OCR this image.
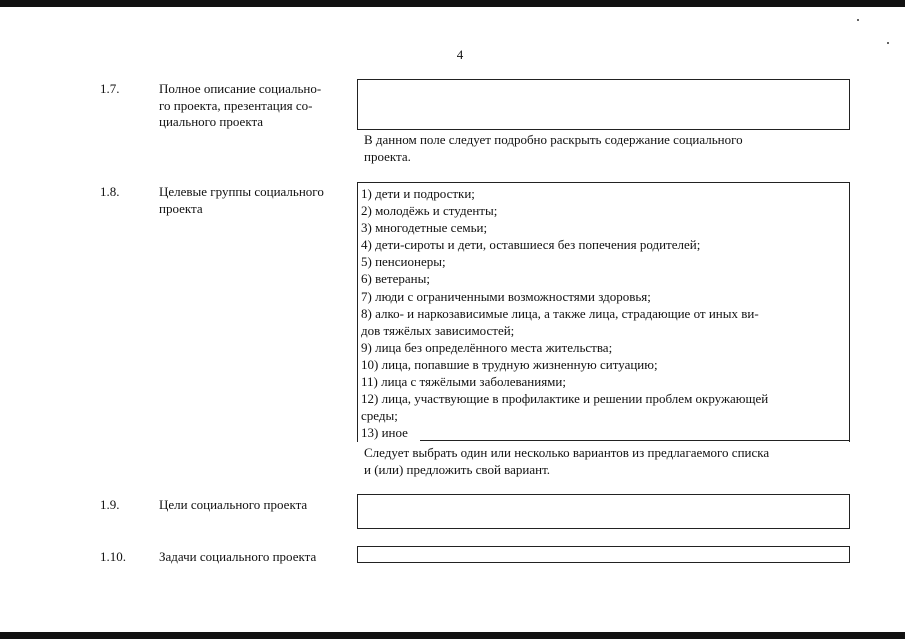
4
1.7.	Полное описание социально-
го проекта, презентация со-
циального проекта
В данном поле следует подробно раскрыть содержание социального
проекта.
1.8.	Целевые группы социального
проекта
1) дети и подростки;
2) молодёжь и студенты;
3) многодетные семьи;
4) дети-сироты и дети, оставшиеся без попечения родителей;
5) пенсионеры;
6) ветераны;
7) люди с ограниченными возможностями здоровья;
8) алко- и наркозависимые лица, а также лица, страдающие от иных ви-
дов тяжёлых зависимостей;
9) лица без определённого места жительства;
10) лица, попавшие в трудную жизненную ситуацию;
11) лица с тяжёлыми заболеваниями;
12) лица, участвующие в профилактике и решении проблем окружающей
среды;
13) иное
Следует выбрать один или несколько вариантов из предлагаемого списка
и (или) предложить свой вариант.
1.9.	Цели социального проекта
1.10.	Задачи социального проекта
